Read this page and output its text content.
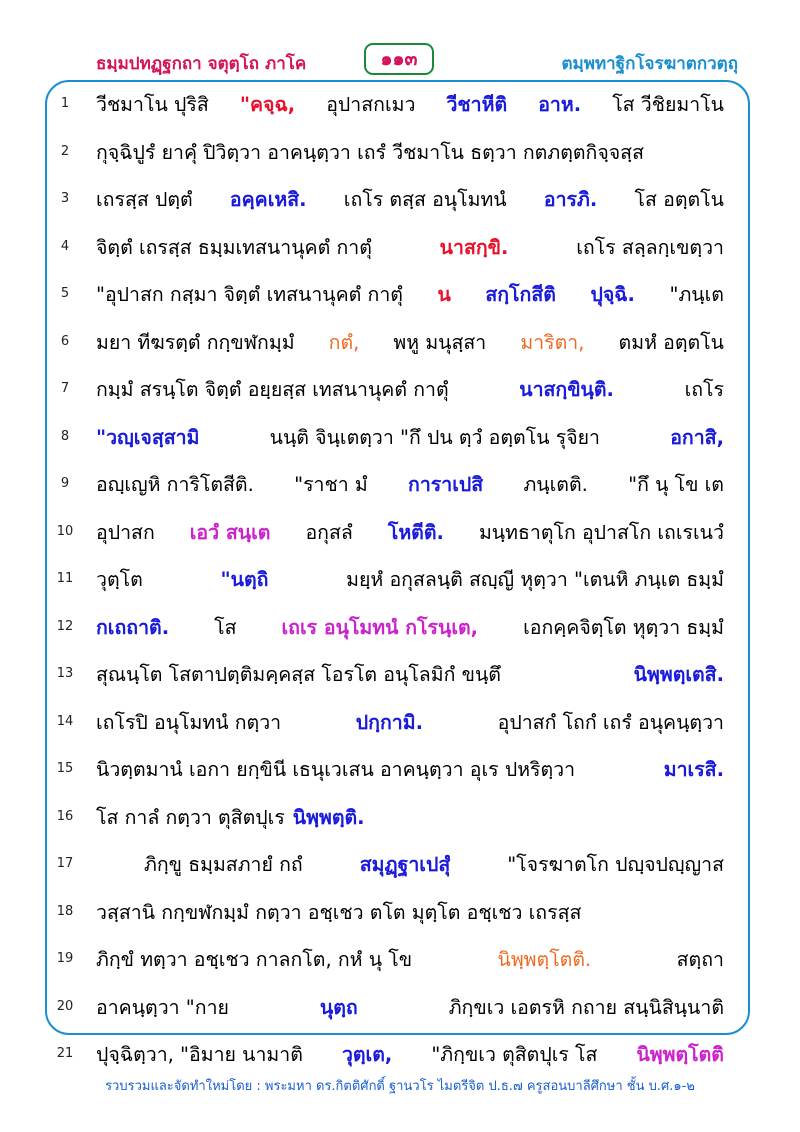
ธมฺมปทฏฺฐกถา จตุตฺโถ ภาโค	๑๑๓	ตมฺพทาฐิกโจรฆาตกวตฺถุ
1	วีชมาโน ปุริสิ "คจฺฉ, อุปาสกเมว วีชาหีติ อาห. โส วีชิยมาโน
2	กุจฺฉิปูรํ ยาคุํ ปิวิตฺวา อาคนฺตฺวา เถรํ วีชมาโน ธตฺวา กตภตฺตกิจฺจสฺส
3	เถรสฺส ปตฺตํ อคฺคเหสิ. เถโร ตสฺส อนุโมทนํ อารภิ. โส อตฺตโน
4	จิตฺตํ เถรสฺส ธมฺมเทสนานุคตํ กาตุํ	นาสกฺขิ.	เถโร สลฺลกฺเขตฺวา
5	"อุปาสก กสฺมา จิตฺตํ เทสนานุคตํ กาตุํ น สกฺโกสีติ ปุจฺฉิ. "ภนฺเต
6	มยา ทีฆรตฺตํ กกฺขฬกมฺมํ กตํ, พหู มนุสฺสา มาริตา, ตมหํ อตฺตโน
7	กมฺมํ สรนฺโต จิตฺตํ อยฺยสฺส เทสนานุคตํ กาตุํ	นาสกฺขินฺติ.	เถโร
8	"วญฺเจสฺสามิ	นนฺติ จินฺเตตฺวา "กึ ปน ตฺวํ อตฺตโน รุจิยา	อกาสิ,
9	อญฺเญหิ การิโตสีติ. "ราชา มํ การาเปสิ ภนฺเตติ. "กึ นุ โข เต
10	อุปาสก เอวํ สนฺเต อกุสลํ โหตีติ. มนฺทธาตุโก อุปาสโก เถเรเนวํ
11	วุตฺโต	"นตฺถิ	มยฺหํ อกุสลนฺติ สญฺญี หุตฺวา "เตนหิ ภนฺเต ธมฺมํ
12	กเถถาติ. โส เถเร อนุโมทนํ กโรนฺเต, เอกคฺคจิตฺโต หุตฺวา ธมฺมํ
13	สุณนฺโต โสตาปตฺติมคฺคสฺส โอรโต อนุโลมิกํ ขนฺตึ	นิพฺพตฺเตสิ.
14	เถโรปิ อนุโมทนํ กตฺวา	ปกฺกามิ.	อุปาสกํ โถกํ เถรํ อนุคนฺตฺวา
15	นิวตฺตมานํ เอกา ยกฺขินี เธนุเวเสน อาคนฺตฺวา อุเร ปหริตฺวา	มาเรสิ.
16	โส กาลํ กตฺวา ตุสิตปุเร นิพฺพตฺติ.
17	ภิกฺขู ธมฺมสภายํ กถํ	สมุฏฺฐาเปสุํ	"โจรฆาตโก ปญฺจปญฺญาส
18	วสฺสานิ กกฺขฬกมฺมํ กตฺวา อชฺเชว ตโต มุตฺโต อชฺเชว เถรสฺส
19	ภิกฺขํ ทตฺวา อชฺเชว กาลกโต, กหํ นุ โข	นิพฺพตฺโตติ.	สตฺถา
20	อาคนฺตฺวา "กาย	นุตฺถ	ภิกฺขเว เอตรหิ กถาย สนฺนิสินฺนาติ
21	ปุจฺฉิตฺวา, "อิมาย นามาติ วุตฺเต, "ภิกฺขเว ตุสิตปุเร โส นิพฺพตฺโตติ
รวบรวมและจัดทำใหม่โดย : พระมหา ดร.กิตติศักดิ์ ฐานวโร ไมตรีจิต ป.ธ.๗ ครูสอนบาลีศึกษา ชั้น บ.ศ.๑-๒
